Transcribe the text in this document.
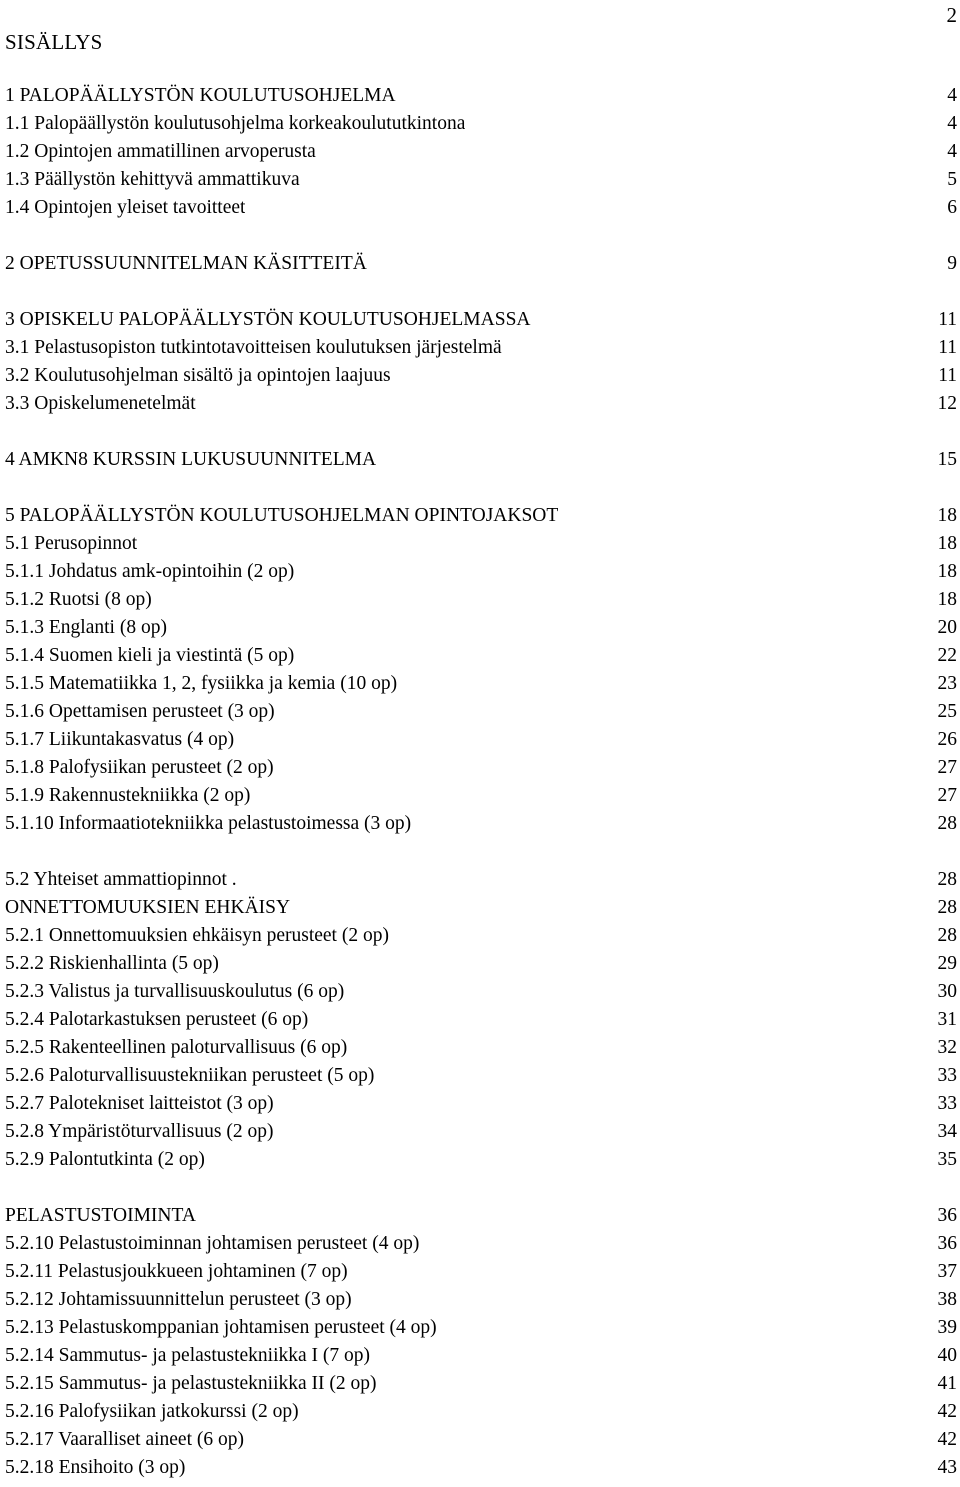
2
SISÄLLYS
1 PALOPÄÄLLYSTÖN KOULUTUSOHJELMA	4
1.1 Palopäällystön koulutusohjelma korkeakoulututkintona	4
1.2 Opintojen ammatillinen arvoperusta	4
1.3 Päällystön kehittyvä ammattikuva	5
1.4 Opintojen yleiset tavoitteet	6
2 OPETUSSUUNNITELMAN KÄSITTEITÄ	9
3 OPISKELU PALOPÄÄLLYSTÖN KOULUTUSOHJELMASSA	11
3.1 Pelastusopiston tutkintotavoitteisen koulutuksen järjestelmä	11
3.2 Koulutusohjelman sisältö ja opintojen laajuus	11
3.3 Opiskelumenetelmät	12
4 AMKN8 KURSSIN LUKUSUUNNITELMA	15
5 PALOPÄÄLLYSTÖN KOULUTUSOHJELMAN OPINTOJAKSOT	18
5.1 Perusopinnot	18
5.1.1 Johdatus amk-opintoihin (2 op)	18
5.1.2 Ruotsi (8 op)	18
5.1.3 Englanti (8 op)	20
5.1.4 Suomen kieli ja viestintä (5 op)	22
5.1.5 Matematiikka 1, 2, fysiikka ja kemia (10 op)	23
5.1.6 Opettamisen perusteet (3 op)	25
5.1.7 Liikuntakasvatus (4 op)	26
5.1.8 Palofysiikan perusteet (2 op)	27
5.1.9 Rakennustekniikka (2 op)	27
5.1.10 Informaatiotekniikka pelastustoimessa (3 op)	28
5.2 Yhteiset ammattiopinnot .	28
ONNETTOMUUKSIEN EHKÄISY	28
5.2.1 Onnettomuuksien ehkäisyn perusteet (2 op)	28
5.2.2 Riskienhallinta (5 op)	29
5.2.3 Valistus ja turvallisuuskoulutus (6 op)	30
5.2.4 Palotarkastuksen perusteet (6 op)	31
5.2.5 Rakenteellinen paloturvallisuus (6 op)	32
5.2.6 Paloturvallisuustekniikan perusteet (5 op)	33
5.2.7 Palotekniset laitteistot (3 op)	33
5.2.8 Ympäristöturvallisuus (2 op)	34
5.2.9 Palontutkinta (2 op)	35
PELASTUSTOIMINTA	36
5.2.10 Pelastustoiminnan johtamisen perusteet (4 op)	36
5.2.11 Pelastusjoukkueen johtaminen (7 op)	37
5.2.12 Johtamissuunnittelun perusteet (3 op)	38
5.2.13 Pelastuskomppanian johtamisen perusteet (4 op)	39
5.2.14 Sammutus- ja pelastustekniikka I (7 op)	40
5.2.15 Sammutus- ja pelastustekniikka II (2 op)	41
5.2.16 Palofysiikan jatkokurssi (2 op)	42
5.2.17 Vaaralliset aineet (6 op)	42
5.2.18 Ensihoito (3 op)	43
